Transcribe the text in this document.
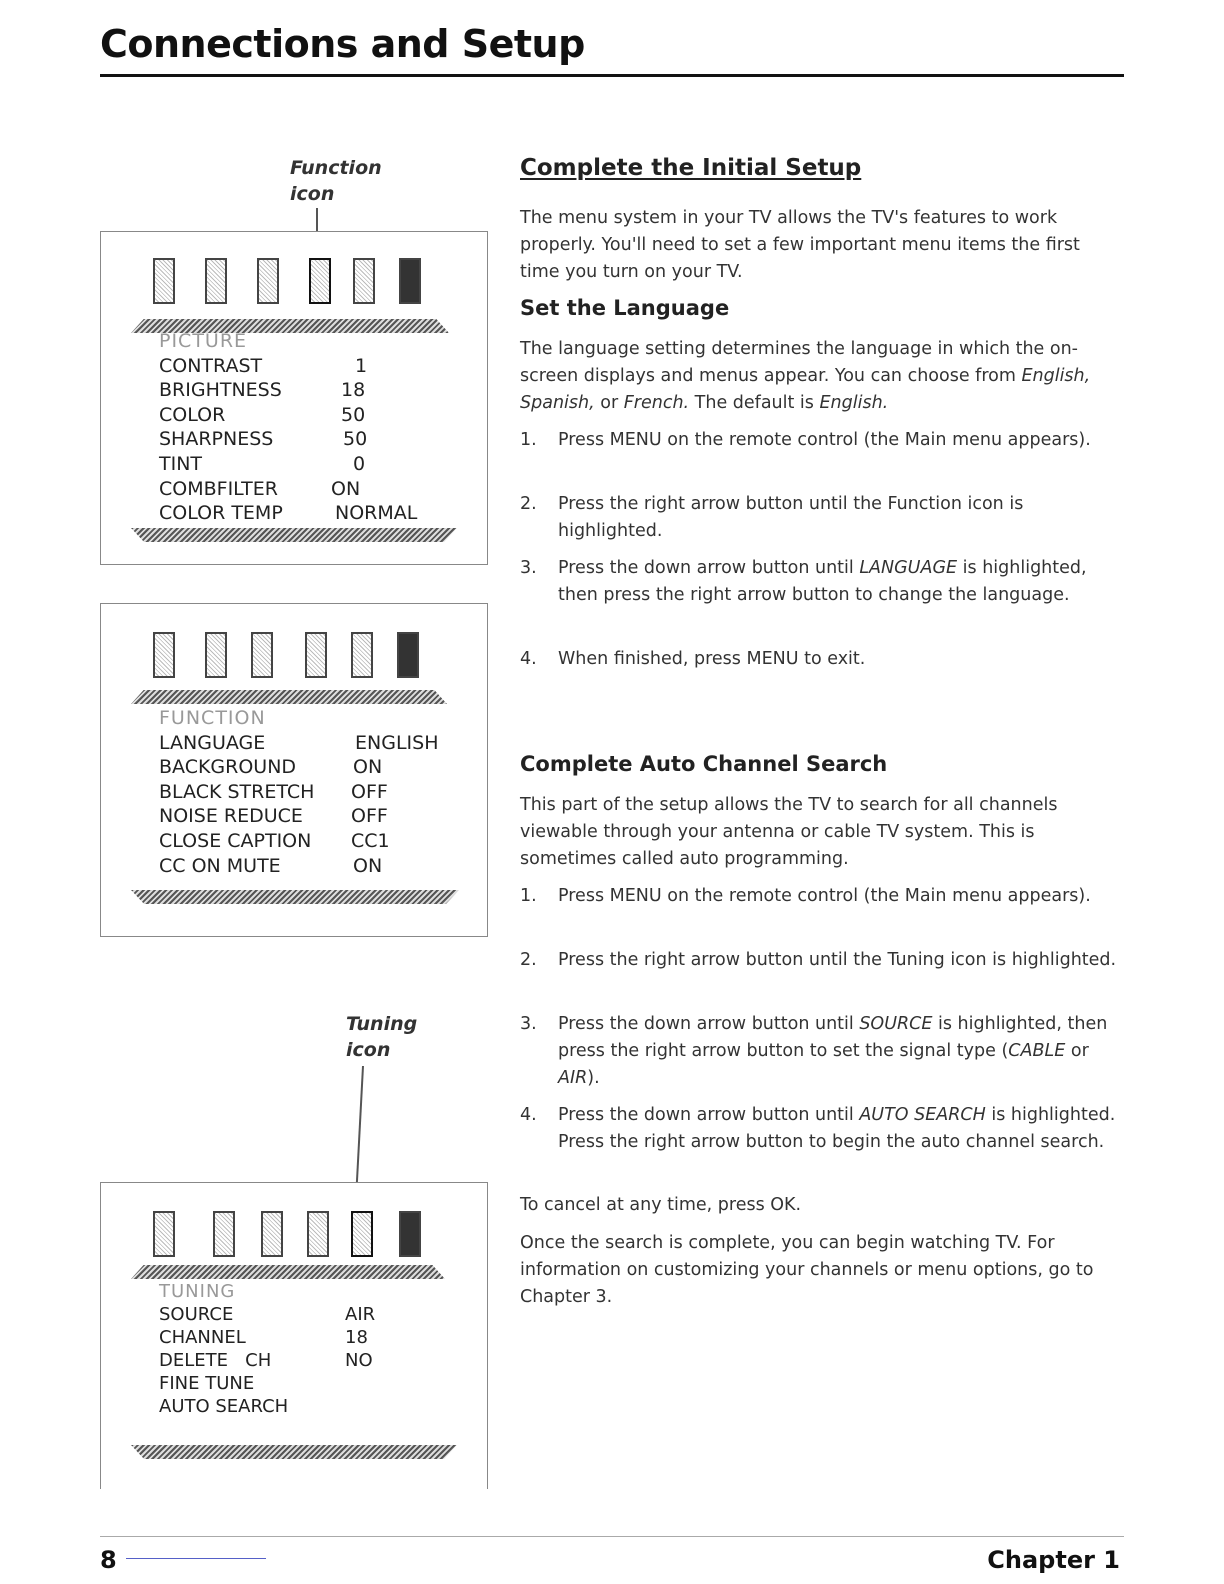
Connections and Setup
Function
icon
PICTURE
CONTRAST	1
BRIGHTNESS	18
COLOR	50
SHARPNESS	50
TINT	0
COMBFILTER	ON
COLOR TEMP	NORMAL
FUNCTION
LANGUAGE	ENGLISH
BACKGROUND	ON
BLACK STRETCH OFF
NOISE REDUCE	OFF
CLOSE CAPTION CC1
CC ON MUTE	ON
Tuning
icon
TUNING
SOURCE	AIR
CHANNEL	18
DELETE   CH	NO
FINE TUNE
AUTO SEARCH
Complete the Initial Setup
The menu system in your TV allows the TV's features to work properly. You'll need to set a few important menu items the first time you turn on your TV.
Set the Language
The language setting determines the language in which the on-screen displays and menus appear. You can choose from English, Spanish, or French. The default is English.
1. Press MENU on the remote control (the Main menu appears).
2. Press the right arrow button until the Function icon is highlighted.
3. Press the down arrow button until LANGUAGE is highlighted, then press the right arrow button to change the language.
4. When finished, press MENU to exit.
Complete Auto Channel Search
This part of the setup allows the TV to search for all channels viewable through your antenna or cable TV system. This is sometimes called auto programming.
1. Press MENU on the remote control (the Main menu appears).
2. Press the right arrow button until the Tuning icon is highlighted.
3. Press the down arrow button until SOURCE is highlighted, then press the right arrow button to set the signal type (CABLE or AIR).
4. Press the down arrow button until AUTO SEARCH is highlighted. Press the right arrow button to begin the auto channel search.
To cancel at any time, press OK.
Once the search is complete, you can begin watching TV. For information on customizing your channels or menu options, go to Chapter 3.
8	Chapter 1
